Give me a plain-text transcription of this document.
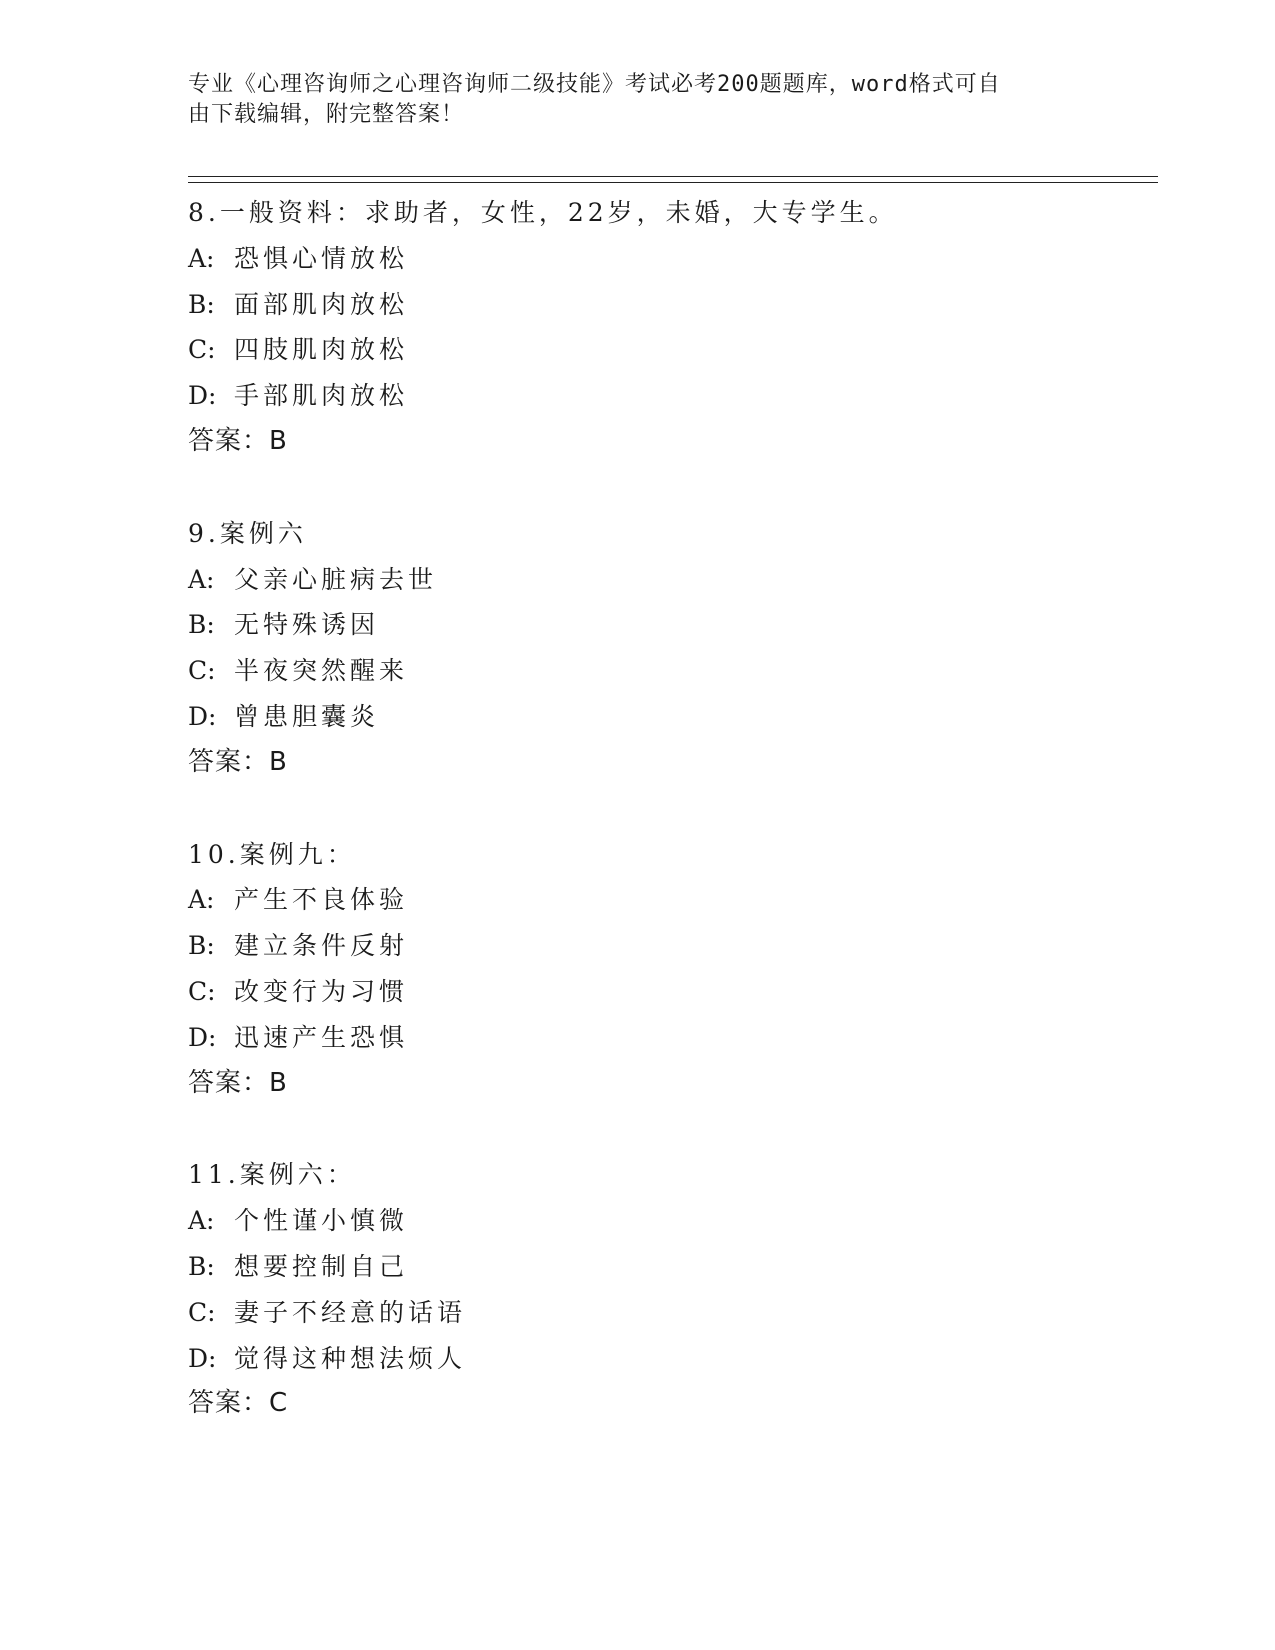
专业《心理咨询师之心理咨询师二级技能》考试必考200题题库，word格式可自
由下载编辑，附完整答案！
8.一般资料：求助者，女性，22岁，未婚，大专学生。
A: 恐惧心情放松
B: 面部肌肉放松
C: 四肢肌肉放松
D: 手部肌肉放松
答案：B
9.案例六
A: 父亲心脏病去世
B: 无特殊诱因
C: 半夜突然醒来
D: 曾患胆囊炎
答案：B
10.案例九：
A: 产生不良体验
B: 建立条件反射
C: 改变行为习惯
D: 迅速产生恐惧
答案：B
11.案例六：
A: 个性谨小慎微
B: 想要控制自己
C: 妻子不经意的话语
D: 觉得这种想法烦人
答案：C
